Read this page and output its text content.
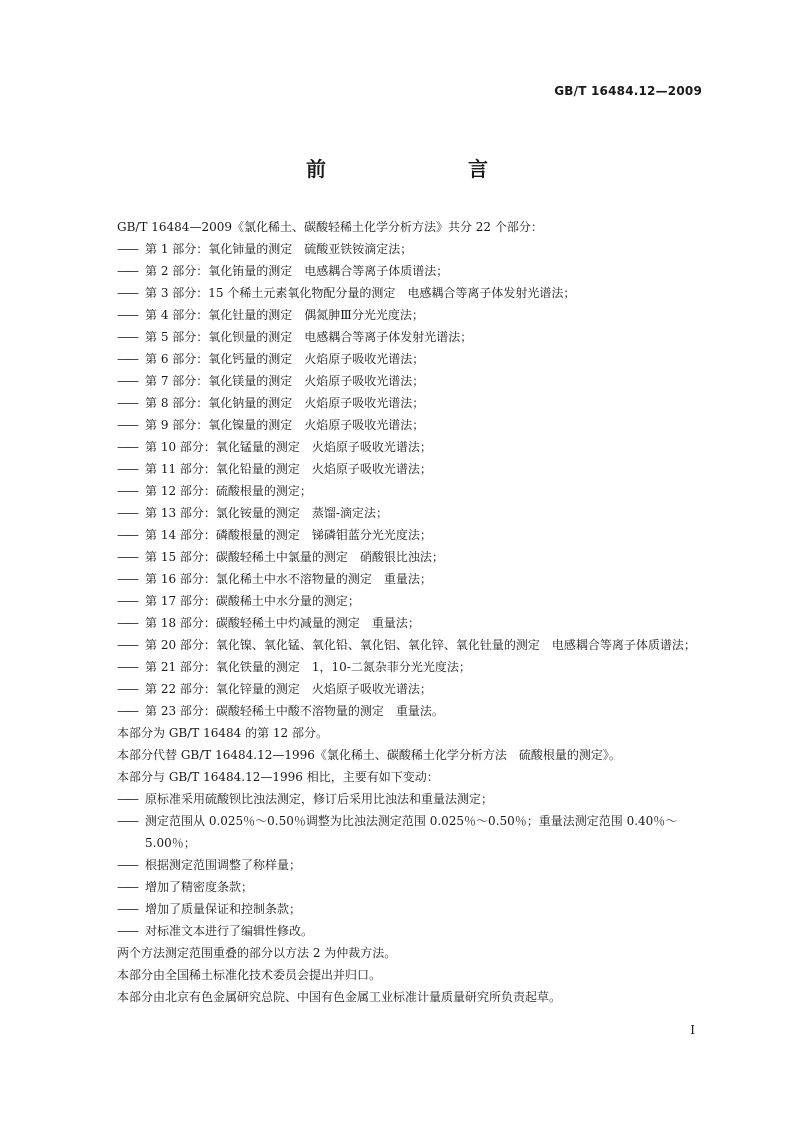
GB/T 16484.12—2009
前　　言
GB/T 16484—2009《氯化稀土、碳酸轻稀土化学分析方法》共分 22 个部分：
—— 第 1 部分：氧化铈量的测定　硫酸亚铁铵滴定法；
—— 第 2 部分：氧化铕量的测定　电感耦合等离子体质谱法；
—— 第 3 部分：15 个稀土元素氧化物配分量的测定　电感耦合等离子体发射光谱法；
—— 第 4 部分：氧化钍量的测定　偶氮胂Ⅲ分光光度法；
—— 第 5 部分：氧化钡量的测定　电感耦合等离子体发射光谱法；
—— 第 6 部分：氧化钙量的测定　火焰原子吸收光谱法；
—— 第 7 部分：氧化镁量的测定　火焰原子吸收光谱法；
—— 第 8 部分：氧化钠量的测定　火焰原子吸收光谱法；
—— 第 9 部分：氧化镍量的测定　火焰原子吸收光谱法；
—— 第 10 部分：氧化锰量的测定　火焰原子吸收光谱法；
—— 第 11 部分：氧化铅量的测定　火焰原子吸收光谱法；
—— 第 12 部分：硫酸根量的测定；
—— 第 13 部分：氯化铵量的测定　蒸馏-滴定法；
—— 第 14 部分：磷酸根量的测定　锑磷钼蓝分光光度法；
—— 第 15 部分：碳酸轻稀土中氯量的测定　硝酸银比浊法；
—— 第 16 部分：氯化稀土中水不溶物量的测定　重量法；
—— 第 17 部分：碳酸稀土中水分量的测定；
—— 第 18 部分：碳酸轻稀土中灼减量的测定　重量法；
—— 第 20 部分：氧化镍、氧化锰、氧化铅、氧化铝、氧化锌、氧化钍量的测定　电感耦合等离子体质谱法；
—— 第 21 部分：氧化铁量的测定　1，10-二氮杂菲分光光度法；
—— 第 22 部分：氧化锌量的测定　火焰原子吸收光谱法；
—— 第 23 部分：碳酸轻稀土中酸不溶物量的测定　重量法。
本部分为 GB/T 16484 的第 12 部分。
本部分代替 GB/T 16484.12—1996《氯化稀土、碳酸稀土化学分析方法　硫酸根量的测定》。
本部分与 GB/T 16484.12—1996 相比，主要有如下变动：
—— 原标准采用硫酸钡比浊法测定，修订后采用比浊法和重量法测定；
—— 测定范围从 0.025％～0.50％调整为比浊法测定范围 0.025％～0.50％；重量法测定范围 0.40％～5.00％；
—— 根据测定范围调整了称样量；
—— 增加了精密度条款；
—— 增加了质量保证和控制条款；
—— 对标准文本进行了编辑性修改。
两个方法测定范围重叠的部分以方法 2 为仲裁方法。
本部分由全国稀土标准化技术委员会提出并归口。
本部分由北京有色金属研究总院、中国有色金属工业标准计量质量研究所负责起草。
Ⅰ
